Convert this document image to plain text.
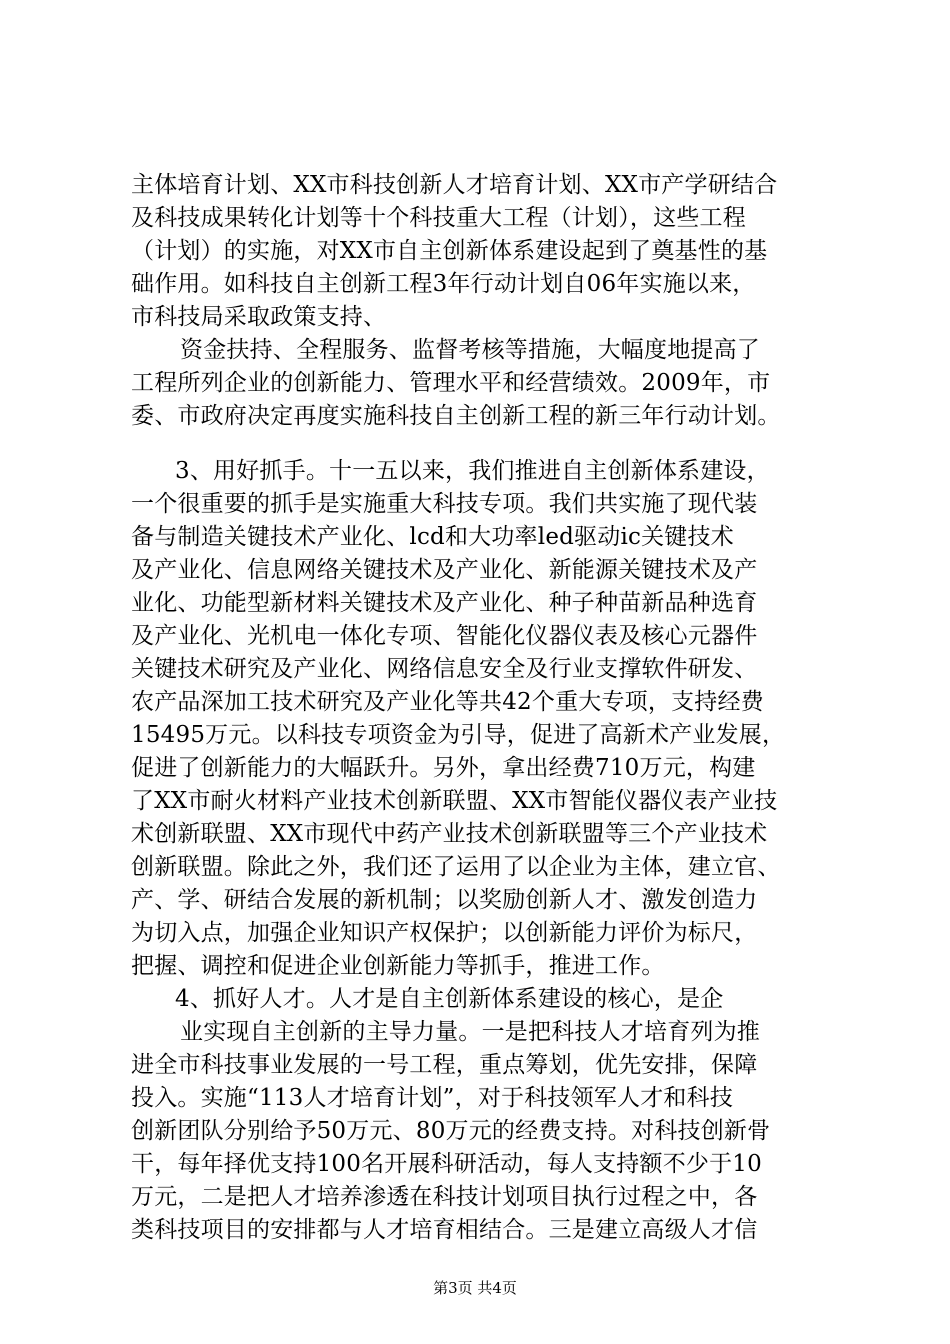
主体培育计划、XX市科技创新人才培育计划、XX市产学研结合
及科技成果转化计划等十个科技重大工程（计划），这些工程
（计划）的实施，对XX市自主创新体系建设起到了奠基性的基
础作用。如科技自主创新工程3年行动计划自06年实施以来，
市科技局采取政策支持、
资金扶持、全程服务、监督考核等措施，大幅度地提高了
工程所列企业的创新能力、管理水平和经营绩效。2009年，市
委、市政府决定再度实施科技自主创新工程的新三年行动计划。
3、用好抓手。十一五以来，我们推进自主创新体系建设，
一个很重要的抓手是实施重大科技专项。我们共实施了现代装
备与制造关键技术产业化、lcd和大功率led驱动ic关键技术
及产业化、信息网络关键技术及产业化、新能源关键技术及产
业化、功能型新材料关键技术及产业化、种子种苗新品种选育
及产业化、光机电一体化专项、智能化仪器仪表及核心元器件
关键技术研究及产业化、网络信息安全及行业支撑软件研发、
农产品深加工技术研究及产业化等共42个重大专项，支持经费
15495万元。以科技专项资金为引导，促进了高新术产业发展，
促进了创新能力的大幅跃升。另外，拿出经费710万元，构建
了XX市耐火材料产业技术创新联盟、XX市智能仪器仪表产业技
术创新联盟、XX市现代中药产业技术创新联盟等三个产业技术
创新联盟。除此之外，我们还了运用了以企业为主体，建立官、
产、学、研结合发展的新机制；以奖励创新人才、激发创造力
为切入点，加强企业知识产权保护；以创新能力评价为标尺，
把握、调控和促进企业创新能力等抓手，推进工作。
4、抓好人才。人才是自主创新体系建设的核心，是企
业实现自主创新的主导力量。一是把科技人才培育列为推
进全市科技事业发展的一号工程，重点筹划，优先安排，保障
投入。实施“113人才培育计划”，对于科技领军人才和科技
创新团队分别给予50万元、80万元的经费支持。对科技创新骨
干，每年择优支持100名开展科研活动，每人支持额不少于10
万元，二是把人才培养渗透在科技计划项目执行过程之中，各
类科技项目的安排都与人才培育相结合。三是建立高级人才信
第3页 共4页
